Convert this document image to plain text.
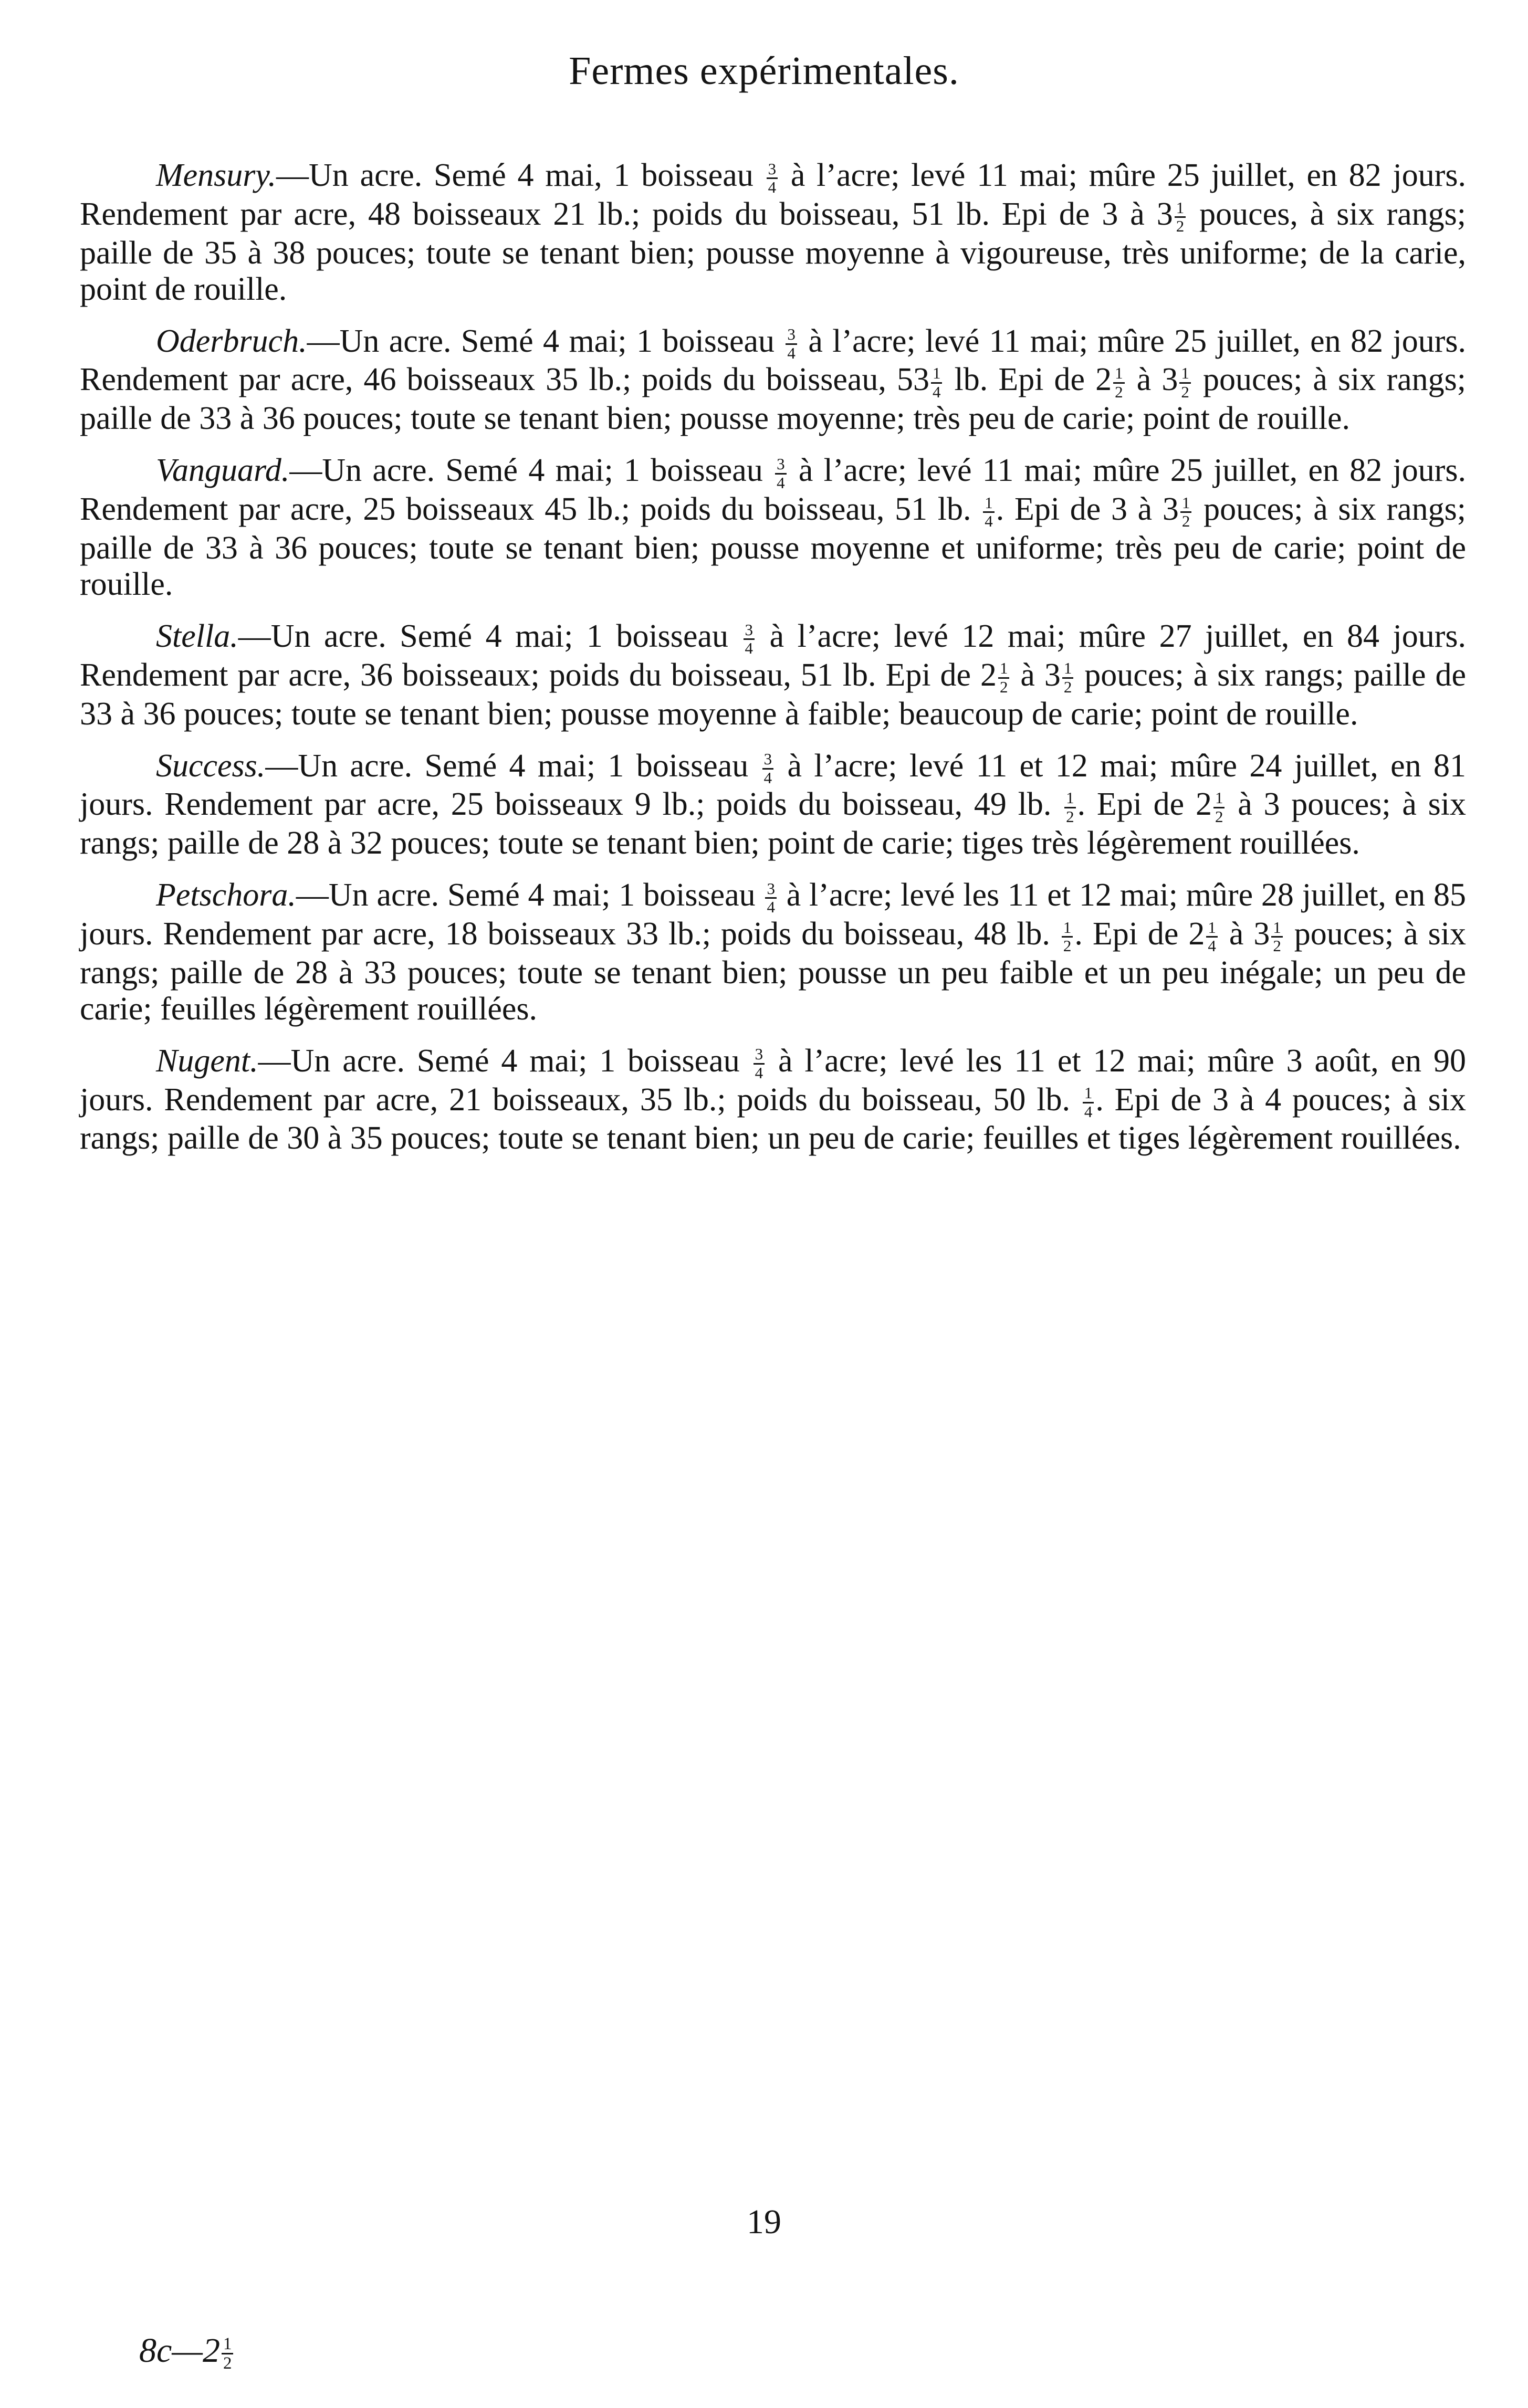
Fermes expérimentales.

Mensury.—Un acre. Semé 4 mai, 1 boisseau $\frac{3}{4}$ à l’acre; levé 11 mai; mûre 25 juillet, en 82 jours. Rendement par acre, 48 boisseaux 21 lb.; poids du boisseau, 51 lb. Epi de 3 à $3 \frac{1}{2}$ pouces, à six rangs; paille de 35 à 38 pouces; toute se tenant bien; pousse moyenne à vigoureuse, très uniforme; de la carie, point de rouille.

Oderbruch.—Un acre. Semé 4 mai; 1 boisseau $\frac{3}{4}$ à l’acre; levé 11 mai; mûre 25 juillet, en 82 jours. Rendement par acre, 46 boisseaux 35 lb.; poids du boisseau, $53 \frac{1}{4}$ lb. Epi de $2 \frac{1}{2}$ à $3 \frac{1}{2}$ pouces; à six rangs; paille de 33 à 36 pouces; toute se tenant bien; pousse moyenne; très peu de carie; point de rouille.

Vanguard.—Un acre. Semé 4 mai; 1 boisseau $\frac{3}{4}$ à l’acre; levé 11 mai; mûre 25 juillet, en 82 jours. Rendement par acre, 25 boisseaux 45 lb.; poids du boisseau, 51 lb. $\frac{1}{4}$ . Epi de 3 à $3 \frac{1}{2}$ pouces; à six rangs; paille de 33 à 36 pouces; toute se tenant bien; pousse moyenne et uniforme; très peu de carie; point de rouille.

Stella.—Un acre. Semé 4 mai; 1 boisseau $\frac{3}{4}$ à l’acre; levé 12 mai; mûre 27 juillet, en 84 jours. Rendement par acre, 36 boisseaux; poids du boisseau, 51 lb. Epi de $2 \frac{1}{2}$ à $3 \frac{1}{2}$ pouces; à six rangs; paille de 33 à 36 pouces; toute se tenant bien; pousse moyenne à faible; beaucoup de carie; point de rouille.

Success.—Un acre. Semé 4 mai; 1 boisseau $\frac{3}{4}$ à l’acre; levé 11 et 12 mai; mûre 24 juillet, en 81 jours. Rendement par acre, 25 boisseaux 9 lb.; poids du boisseau, 49 lb. $\frac{1}{2}$ . Epi de $2 \frac{1}{2}$ à 3 pouces; à six rangs; paille de 28 à 32 pouces; toute se tenant bien; point de carie; tiges très légèrement rouillées.

Petschora.—Un acre. Semé 4 mai; 1 boisseau $\frac{3}{4}$ à l’acre; levé les 11 et 12 mai; mûre 28 juillet, en 85 jours. Rendement par acre, 18 boisseaux 33 lb.; poids du boisseau, 48 lb. $\frac{1}{2}$ . Epi de $2 \frac{1}{4}$ à $3 \frac{1}{2}$ pouces; à six rangs; paille de 28 à 33 pouces; toute se tenant bien; pousse un peu faible et un peu inégale; un peu de carie; feuilles légèrement rouillées.

Nugent.—Un acre. Semé 4 mai; 1 boisseau $\frac{3}{4}$ à l’acre; levé les 11 et 12 mai; mûre 3 août, en 90 jours. Rendement par acre, 21 boisseaux, 35 lb.; poids du boisseau, 50 lb. $\frac{1}{4}$ . Epi de 3 à 4 pouces; à six rangs; paille de 30 à 35 pouces; toute se tenant bien; un peu de carie; feuilles et tiges légèrement rouillées.

19
8c—2 $\frac{1}{2}$
